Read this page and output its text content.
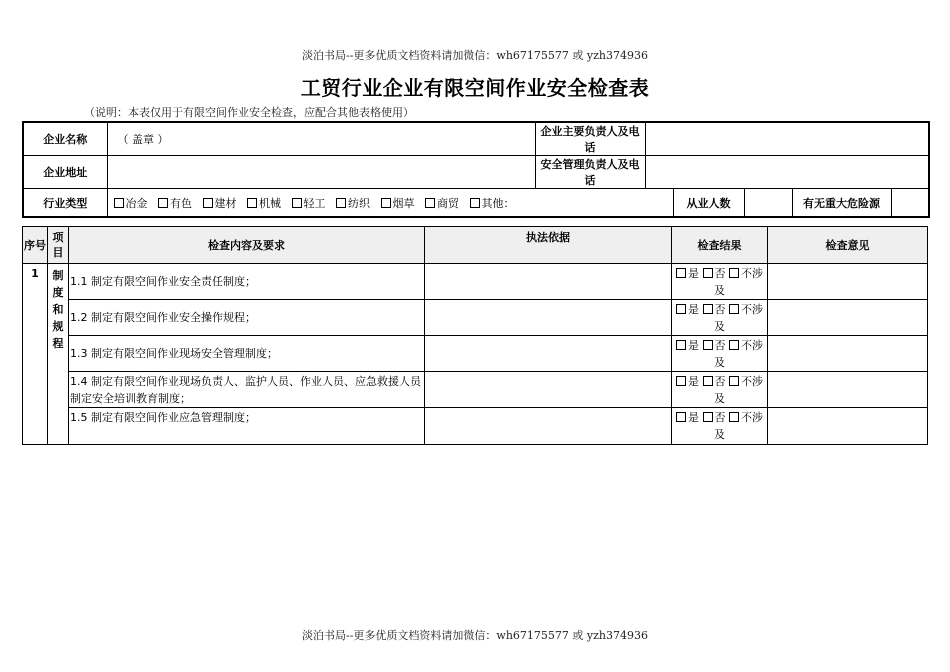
淡泊书局--更多优质文档资料请加微信：wh67175577 或 yzh374936
工贸行业企业有限空间作业安全检查表
（说明：本表仅用于有限空间作业安全检查，应配合其他表格使用）
企业名称	（ 盖章 ）	企业主要负责人及电话					
企业地址		安全管理负责人及电话					
行业类型	冶金 有色 建材 机械 轻工 纺织 烟草 商贸 其他：			从业人数		有无重大危险源	
序号	项目	检查内容及要求	执法依据	检查结果	检查意见
1	制度和规程	1.1 制定有限空间作业安全责任制度；		是 否 不涉及	
		1.2 制定有限空间作业安全操作规程；		是 否 不涉及	
		1.3 制定有限空间作业现场安全管理制度；		是 否 不涉及	
		1.4 制定有限空间作业现场负责人、监护人员、作业人员、应急救援人员制定安全培训教育制度；		是 否 不涉及	
		1.5 制定有限空间作业应急管理制度；		是 否 不涉及	
淡泊书局--更多优质文档资料请加微信：wh67175577 或 yzh374936
